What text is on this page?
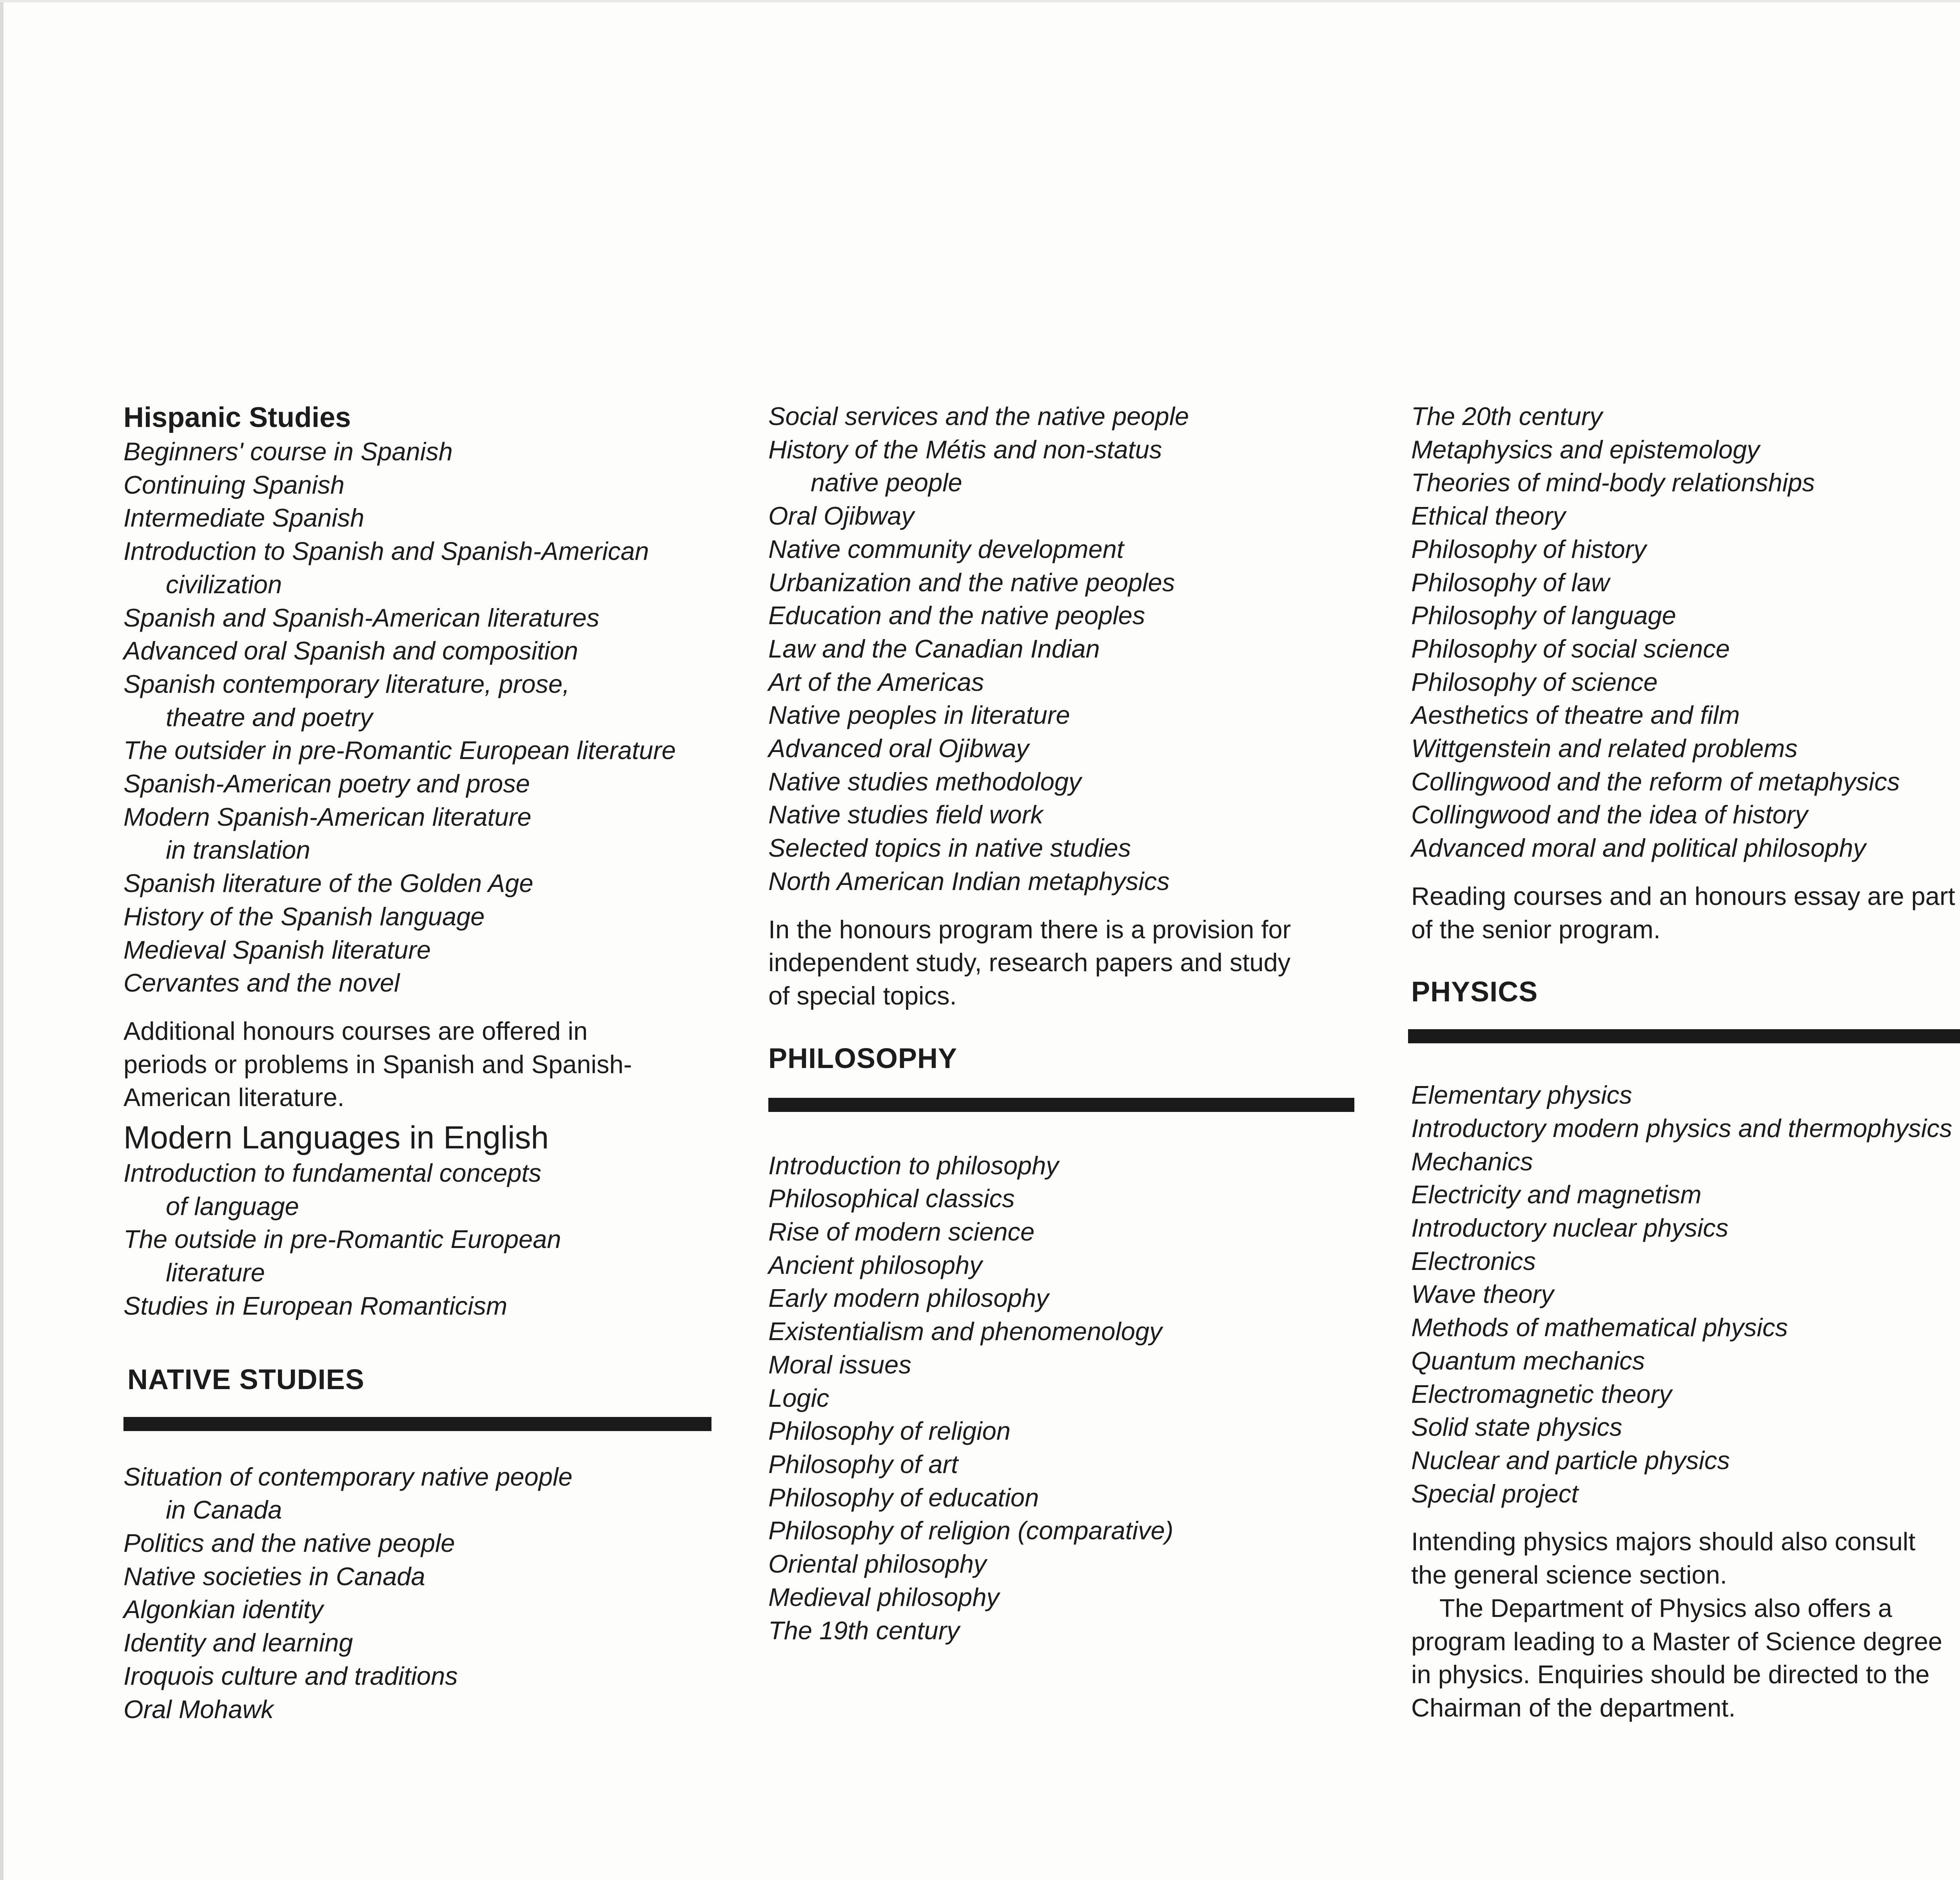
Hispanic Studies
Beginners' course in Spanish
Continuing Spanish
Intermediate Spanish
Introduction to Spanish and Spanish-American
civilization
Spanish and Spanish-American literatures
Advanced oral Spanish and composition
Spanish contemporary literature, prose,
theatre and poetry
The outsider in pre-Romantic European literature
Spanish-American poetry and prose
Modern Spanish-American literature
in translation
Spanish literature of the Golden Age
History of the Spanish language
Medieval Spanish literature
Cervantes and the novel
Additional honours courses are offered in
periods or problems in Spanish and Spanish-
American literature.
Modern Languages in English
Introduction to fundamental concepts
of language
The outside in pre-Romantic European
literature
Studies in European Romanticism
NATIVE STUDIES
Situation of contemporary native people
in Canada
Politics and the native people
Native societies in Canada
Algonkian identity
Identity and learning
Iroquois culture and traditions
Oral Mohawk
Social services and the native people
History of the Métis and non-status
native people
Oral Ojibway
Native community development
Urbanization and the native peoples
Education and the native peoples
Law and the Canadian Indian
Art of the Americas
Native peoples in literature
Advanced oral Ojibway
Native studies methodology
Native studies field work
Selected topics in native studies
North American Indian metaphysics
In the honours program there is a provision for
independent study, research papers and study
of special topics.
PHILOSOPHY
Introduction to philosophy
Philosophical classics
Rise of modern science
Ancient philosophy
Early modern philosophy
Existentialism and phenomenology
Moral issues
Logic
Philosophy of religion
Philosophy of art
Philosophy of education
Philosophy of religion (comparative)
Oriental philosophy
Medieval philosophy
The 19th century
The 20th century
Metaphysics and epistemology
Theories of mind-body relationships
Ethical theory
Philosophy of history
Philosophy of law
Philosophy of language
Philosophy of social science
Philosophy of science
Aesthetics of theatre and film
Wittgenstein and related problems
Collingwood and the reform of metaphysics
Collingwood and the idea of history
Advanced moral and political philosophy
Reading courses and an honours essay are part
of the senior program.
PHYSICS
Elementary physics
Introductory modern physics and thermophysics
Mechanics
Electricity and magnetism
Introductory nuclear physics
Electronics
Wave theory
Methods of mathematical physics
Quantum mechanics
Electromagnetic theory
Solid state physics
Nuclear and particle physics
Special project
Intending physics majors should also consult
the general science section.
The Department of Physics also offers a
program leading to a Master of Science degree
in physics. Enquiries should be directed to the
Chairman of the department.
